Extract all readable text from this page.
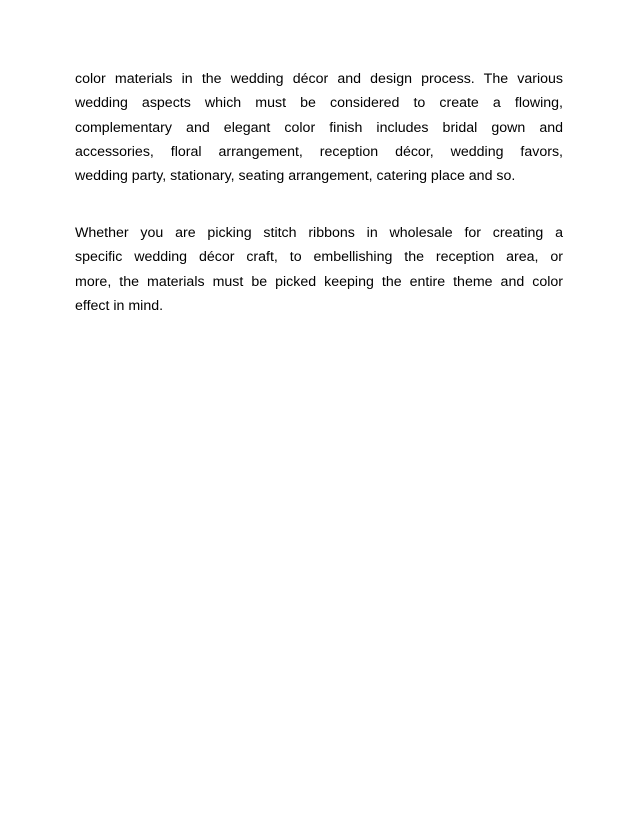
color materials in the wedding décor and design process. The various
wedding aspects which must be considered to create a flowing,
complementary and elegant color finish includes bridal gown and
accessories, floral arrangement, reception décor, wedding favors,
wedding party, stationary, seating arrangement, catering place and so.

Whether you are picking stitch ribbons in wholesale for creating a
specific wedding décor craft, to embellishing the reception area, or
more, the materials must be picked keeping the entire theme and color
effect in mind.
